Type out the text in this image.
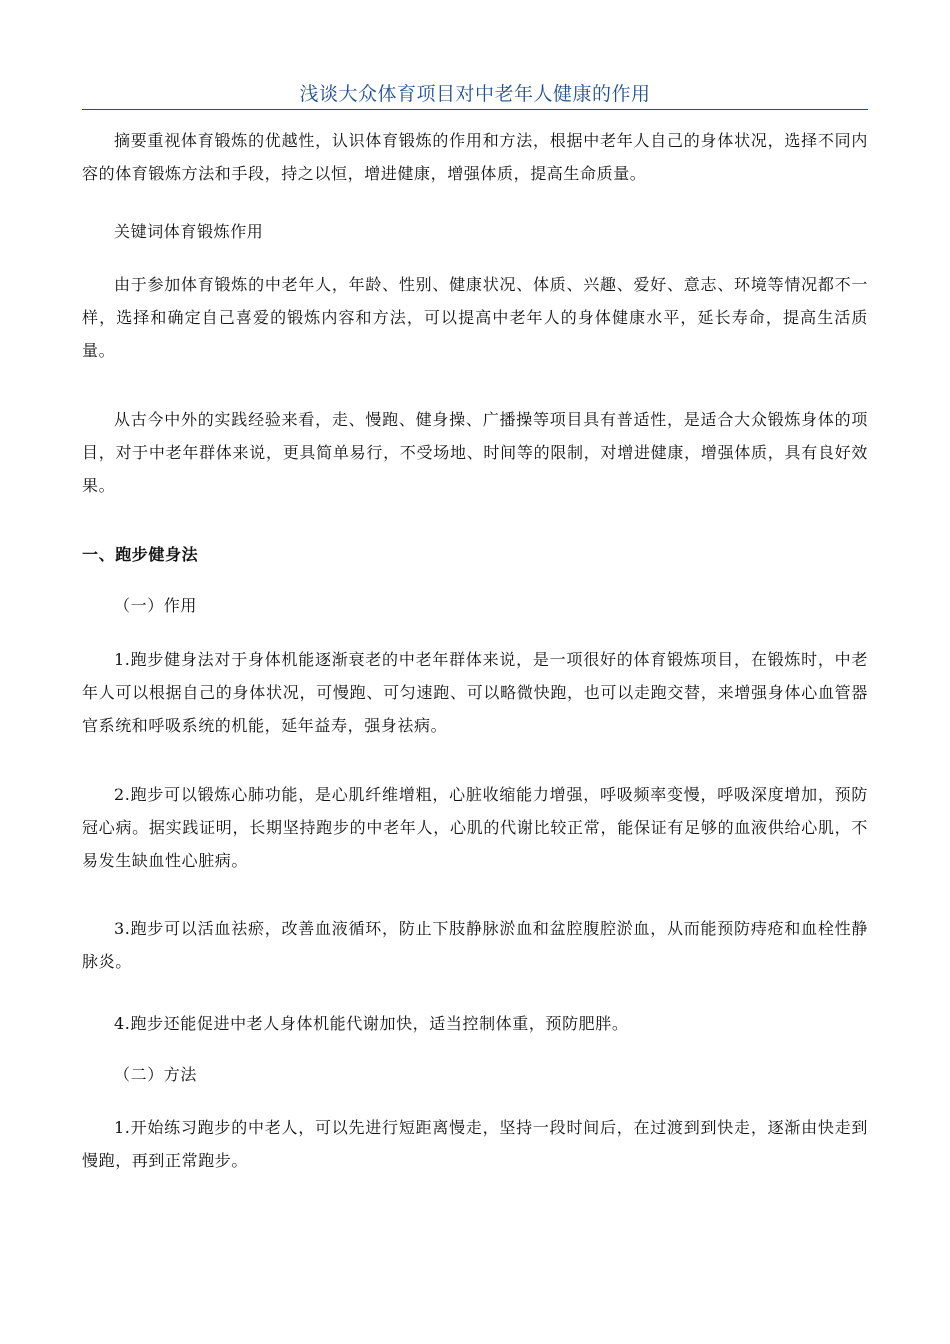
浅谈大众体育项目对中老年人健康的作用

摘要重视体育锻炼的优越性，认识体育锻炼的作用和方法，根据中老年人自己的身体状况，选择不同内容的体育锻炼方法和手段，持之以恒，增进健康，增强体质，提高生命质量。

关键词体育锻炼作用

由于参加体育锻炼的中老年人，年龄、性别、健康状况、体质、兴趣、爱好、意志、环境等情况都不一样，选择和确定自己喜爱的锻炼内容和方法，可以提高中老年人的身体健康水平，延长寿命，提高生活质量。

从古今中外的实践经验来看，走、慢跑、健身操、广播操等项目具有普适性，是适合大众锻炼身体的项目，对于中老年群体来说，更具简单易行，不受场地、时间等的限制，对增进健康，增强体质，具有良好效果。

一、跑步健身法

（一）作用

1.跑步健身法对于身体机能逐渐衰老的中老年群体来说，是一项很好的体育锻炼项目，在锻炼时，中老年人可以根据自己的身体状况，可慢跑、可匀速跑、可以略微快跑，也可以走跑交替，来增强身体心血管器官系统和呼吸系统的机能，延年益寿，强身祛病。

2.跑步可以锻炼心肺功能，是心肌纤维增粗，心脏收缩能力增强，呼吸频率变慢，呼吸深度增加，预防冠心病。据实践证明，长期坚持跑步的中老年人，心肌的代谢比较正常，能保证有足够的血液供给心肌，不易发生缺血性心脏病。

3.跑步可以活血祛瘀，改善血液循环，防止下肢静脉淤血和盆腔腹腔淤血，从而能预防痔疮和血栓性静脉炎。

4.跑步还能促进中老人身体机能代谢加快，适当控制体重，预防肥胖。

（二）方法

1.开始练习跑步的中老人，可以先进行短距离慢走，坚持一段时间后，在过渡到到快走，逐渐由快走到慢跑，再到正常跑步。
